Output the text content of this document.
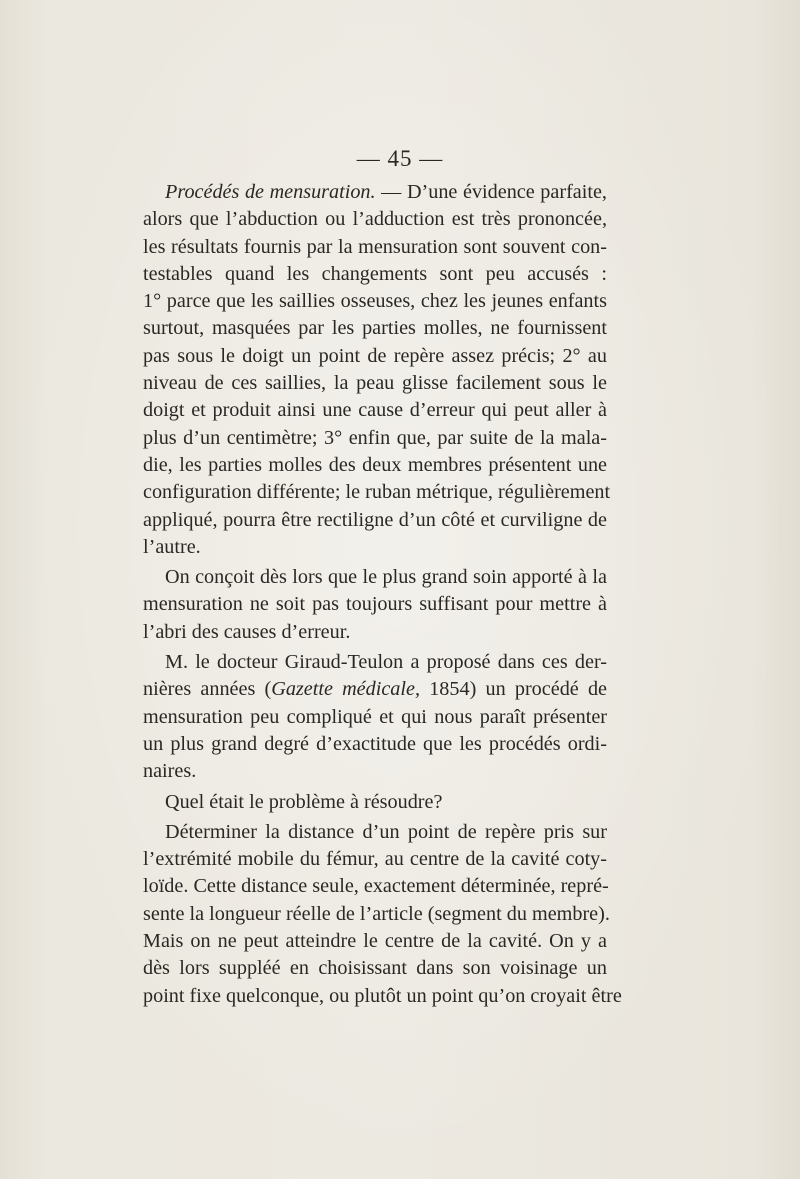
— 45 —

Procédés de mensuration. — D’une évidence parfaite,
alors que l’abduction ou l’adduction est très prononcée,
les résultats fournis par la mensuration sont souvent con-
testables quand les changements sont peu accusés :
1° parce que les saillies osseuses, chez les jeunes enfants
surtout, masquées par les parties molles, ne fournissent
pas sous le doigt un point de repère assez précis; 2° au
niveau de ces saillies, la peau glisse facilement sous le
doigt et produit ainsi une cause d’erreur qui peut aller à
plus d’un centimètre; 3° enfin que, par suite de la mala-
die, les parties molles des deux membres présentent une
configuration différente; le ruban métrique, régulièrement
appliqué, pourra être rectiligne d’un côté et curviligne de
l’autre.

On conçoit dès lors que le plus grand soin apporté à la
mensuration ne soit pas toujours suffisant pour mettre à
l’abri des causes d’erreur.

M. le docteur Giraud-Teulon a proposé dans ces der-
nières années (Gazette médicale, 1854) un procédé de
mensuration peu compliqué et qui nous paraît présenter
un plus grand degré d’exactitude que les procédés ordi-
naires.

Quel était le problème à résoudre?

Déterminer la distance d’un point de repère pris sur
l’extrémité mobile du fémur, au centre de la cavité coty-
loïde. Cette distance seule, exactement déterminée, repré-
sente la longueur réelle de l’article (segment du membre).
Mais on ne peut atteindre le centre de la cavité. On y a
dès lors suppléé en choisissant dans son voisinage un
point fixe quelconque, ou plutôt un point qu’on croyait être
